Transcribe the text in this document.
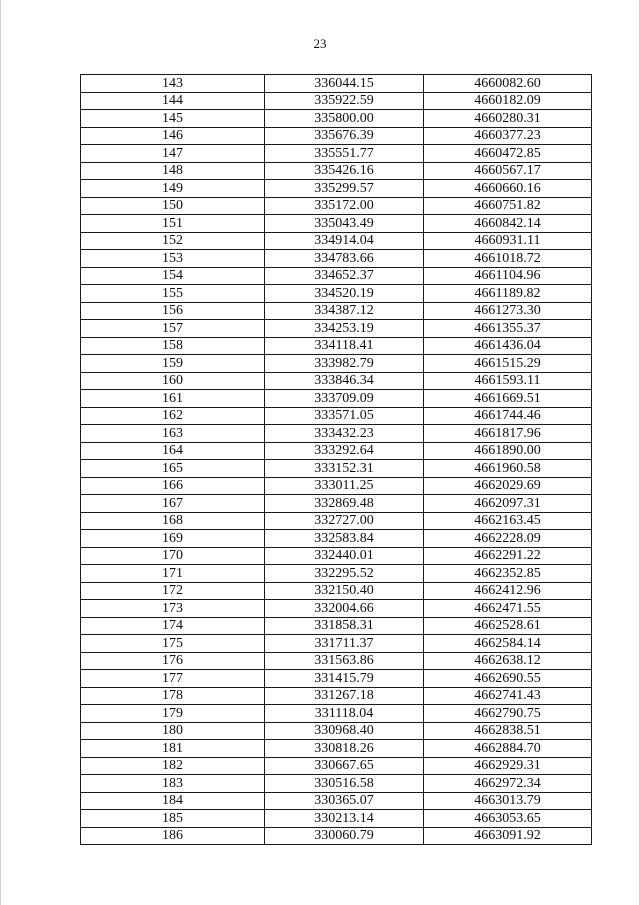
23
143	336044.15	4660082.60
144	335922.59	4660182.09
145	335800.00	4660280.31
146	335676.39	4660377.23
147	335551.77	4660472.85
148	335426.16	4660567.17
149	335299.57	4660660.16
150	335172.00	4660751.82
151	335043.49	4660842.14
152	334914.04	4660931.11
153	334783.66	4661018.72
154	334652.37	4661104.96
155	334520.19	4661189.82
156	334387.12	4661273.30
157	334253.19	4661355.37
158	334118.41	4661436.04
159	333982.79	4661515.29
160	333846.34	4661593.11
161	333709.09	4661669.51
162	333571.05	4661744.46
163	333432.23	4661817.96
164	333292.64	4661890.00
165	333152.31	4661960.58
166	333011.25	4662029.69
167	332869.48	4662097.31
168	332727.00	4662163.45
169	332583.84	4662228.09
170	332440.01	4662291.22
171	332295.52	4662352.85
172	332150.40	4662412.96
173	332004.66	4662471.55
174	331858.31	4662528.61
175	331711.37	4662584.14
176	331563.86	4662638.12
177	331415.79	4662690.55
178	331267.18	4662741.43
179	331118.04	4662790.75
180	330968.40	4662838.51
181	330818.26	4662884.70
182	330667.65	4662929.31
183	330516.58	4662972.34
184	330365.07	4663013.79
185	330213.14	4663053.65
186	330060.79	4663091.92
